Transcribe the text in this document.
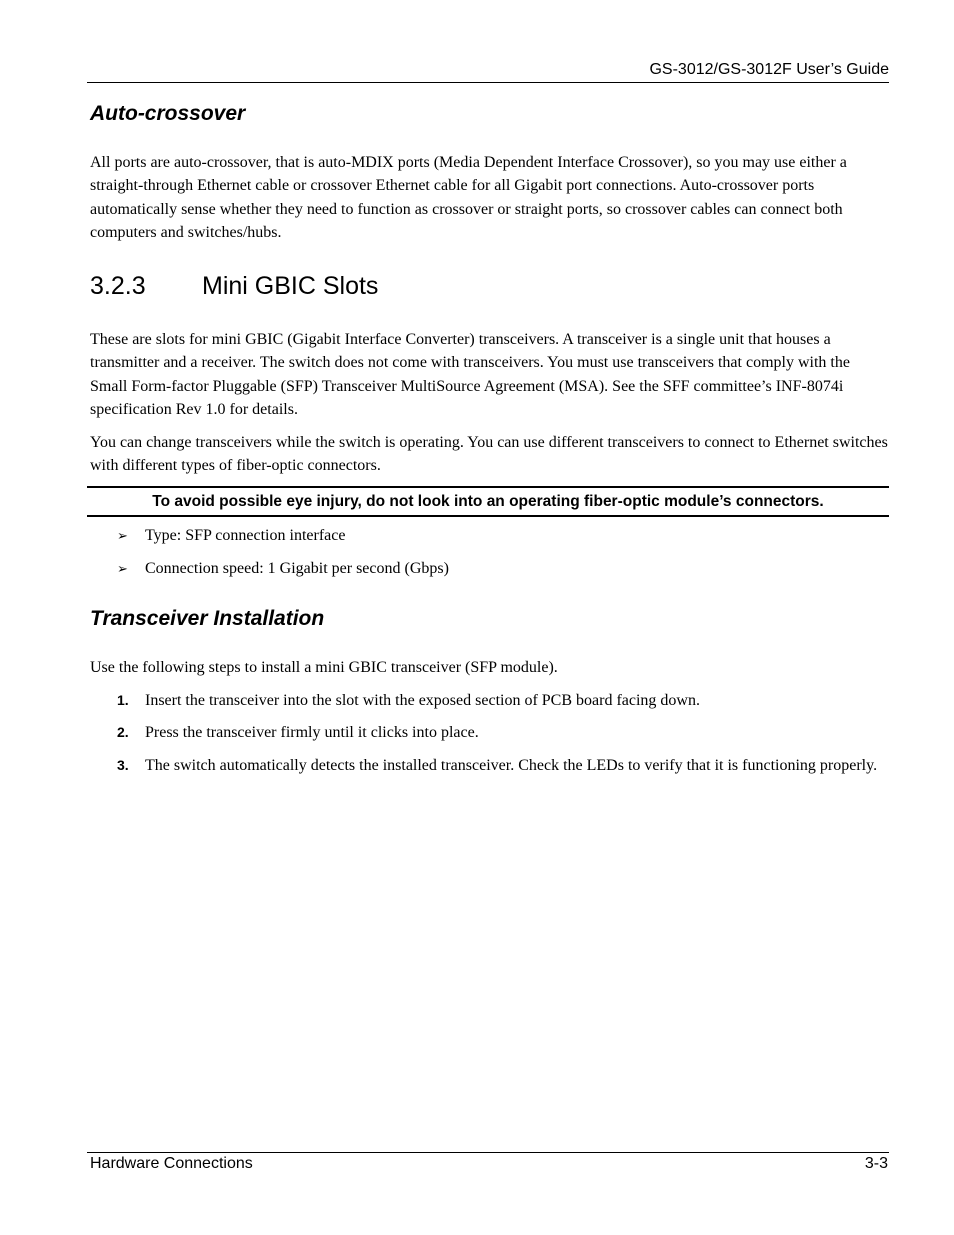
GS-3012/GS-3012F User’s Guide
Auto-crossover

All ports are auto-crossover, that is auto-MDIX ports (Media Dependent Interface Crossover), so you may use either a straight-through Ethernet cable or crossover Ethernet cable for all Gigabit port connections. Auto-crossover ports automatically sense whether they need to function as crossover or straight ports, so crossover cables can connect both computers and switches/hubs.

3.2.3 Mini GBIC Slots

These are slots for mini GBIC (Gigabit Interface Converter) transceivers. A transceiver is a single unit that houses a transmitter and a receiver. The switch does not come with transceivers. You must use transceivers that comply with the Small Form-factor Pluggable (SFP) Transceiver MultiSource Agreement (MSA). See the SFF committee’s INF-8074i specification Rev 1.0 for details.

You can change transceivers while the switch is operating. You can use different transceivers to connect to Ethernet switches with different types of fiber-optic connectors.

To avoid possible eye injury, do not look into an operating fiber-optic module’s connectors.
➢	Type: SFP connection interface
➢	Connection speed: 1 Gigabit per second (Gbps)
Transceiver Installation

Use the following steps to install a mini GBIC transceiver (SFP module).

1.	Insert the transceiver into the slot with the exposed section of PCB board facing down.
2.	Press the transceiver firmly until it clicks into place.
3.	The switch automatically detects the installed transceiver. Check the LEDs to verify that it is functioning properly.
Hardware Connections	3-3
